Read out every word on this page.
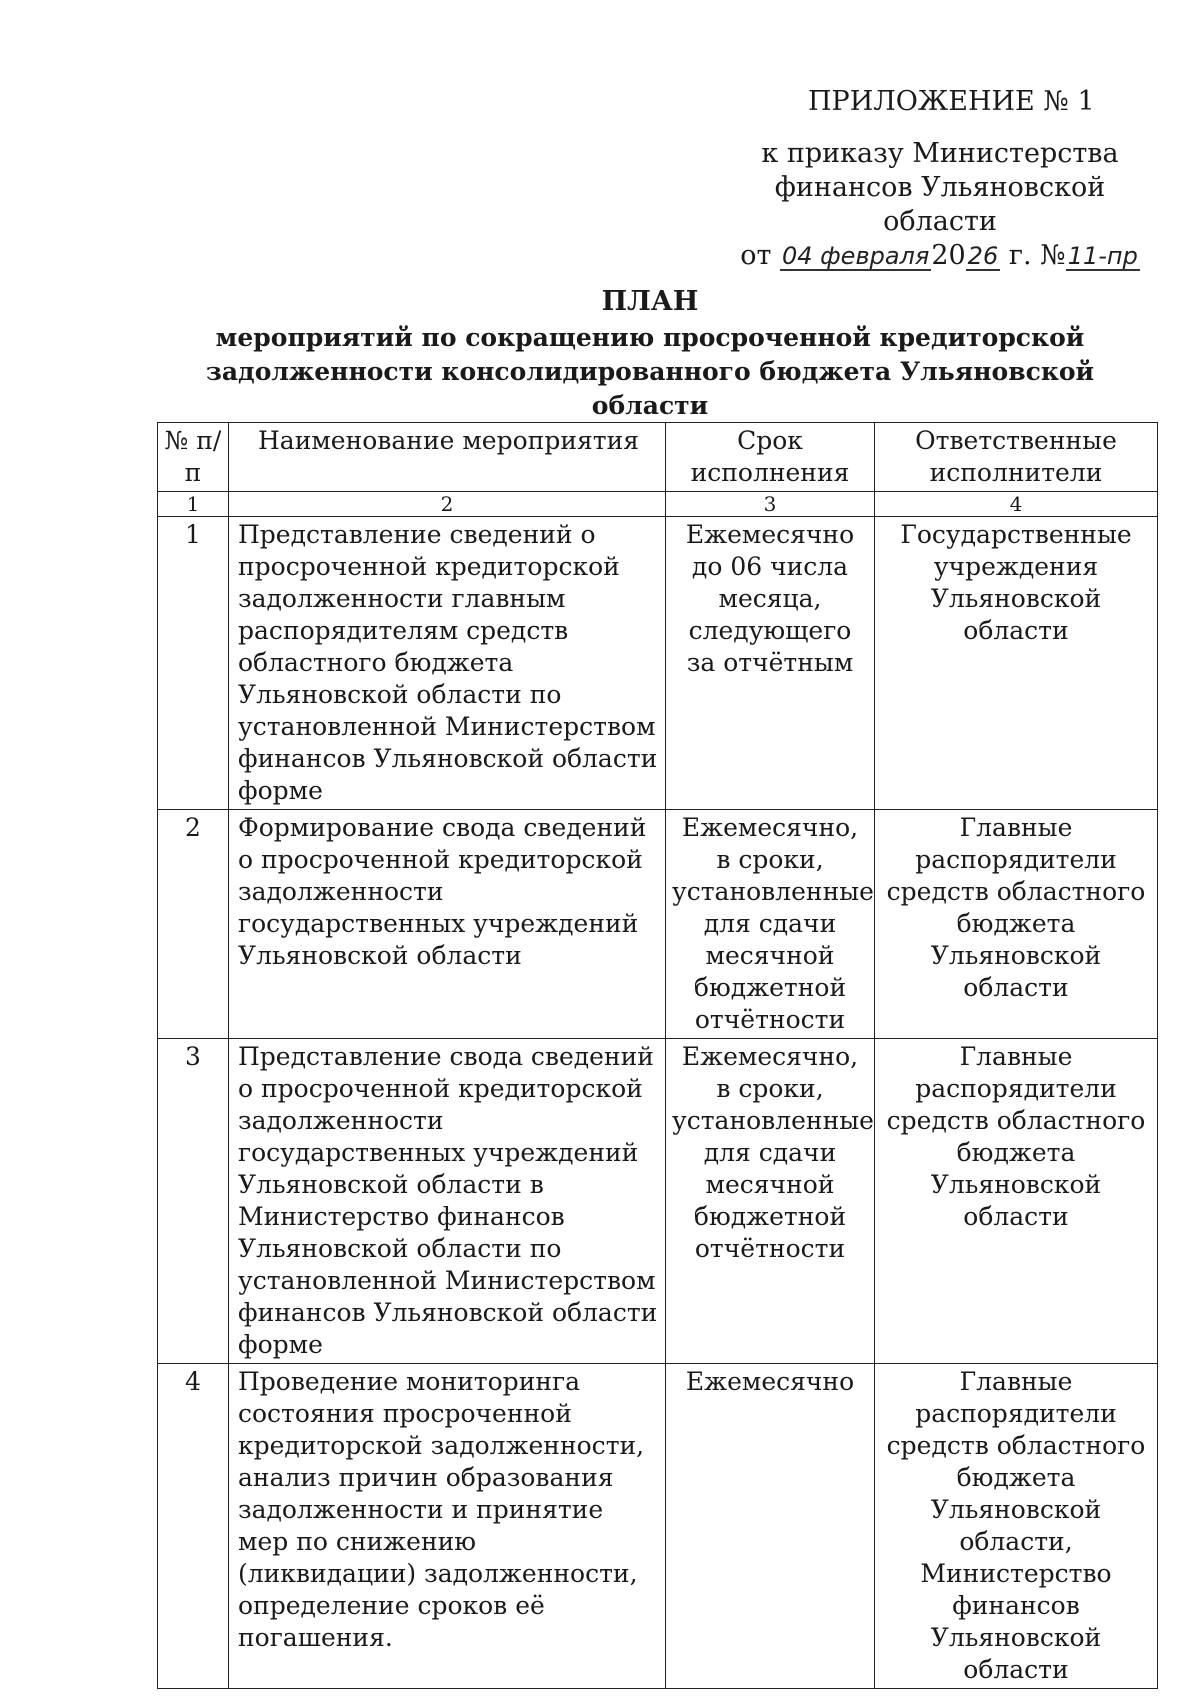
ПРИЛОЖЕНИЕ № 1
к приказу Министерства
финансов Ульяновской области
от 04 февраля2026 г. №11-пр
ПЛАН
мероприятий по сокращению просроченной кредиторской
задолженности консолидированного бюджета Ульяновской области
№ п/п	Наименование мероприятия	Срок исполнения	Ответственные исполнители
1	2	3	4
1	Представление сведений о просроченной кредиторской задолженности главным распорядителям средств областного бюджета Ульяновской области по установленной Министерством финансов Ульяновской области форме	Ежемесячно до 06 числа месяца, следующего за отчётным	Государственные учреждения Ульяновской области
2	Формирование свода сведений о просроченной кредиторской задолженности государственных учреждений Ульяновской области	Ежемесячно, в сроки, установленные для сдачи месячной бюджетной отчётности	Главные распорядители средств областного бюджета Ульяновской области
3	Представление свода сведений о просроченной кредиторской задолженности государственных учреждений Ульяновской области в Министерство финансов Ульяновской области по установленной Министерством финансов Ульяновской области форме	Ежемесячно, в сроки, установленные для сдачи месячной бюджетной отчётности	Главные распорядители средств областного бюджета Ульяновской области
4	Проведение мониторинга состояния просроченной кредиторской задолженности, анализ причин образования задолженности и принятие мер по снижению (ликвидации) задолженности, определение сроков её погашения.	Ежемесячно	Главные распорядители средств областного бюджета Ульяновской области, Министерство финансов Ульяновской области
